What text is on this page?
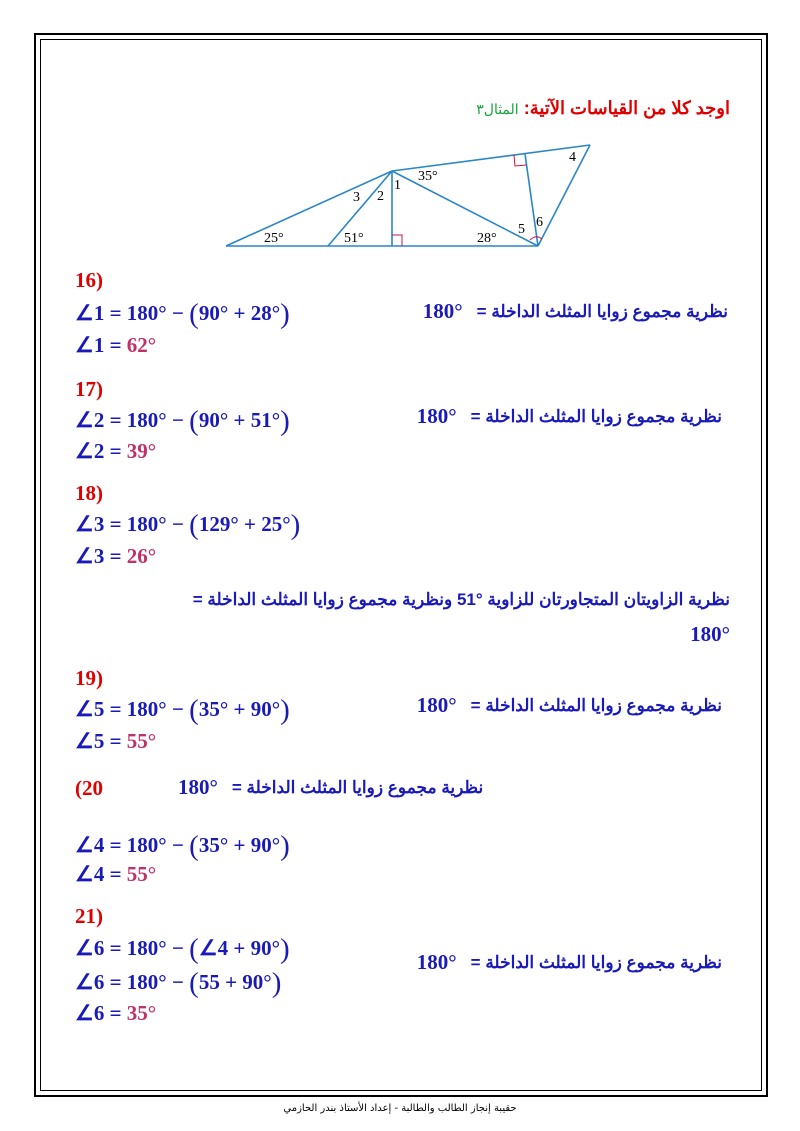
اوجد كلا من القياسات الآتية: المثال٣
25°	51°
3 2
1
35°
28°
4
5 6
16)
∠1 = 180° − (90° + 28°)
∠1 = 62°
180° نظرية مجموع زوايا المثلث الداخلة =
17)
∠2 = 180° − (90° + 51°)
∠2 = 39°
180° نظرية مجموع زوايا المثلث الداخلة =
18)
∠3 = 180° − (129° + 25°)
∠3 = 26°
نظرية الزاويتان المتجاورتان للزاوية °51 ونظرية مجموع زوايا المثلث الداخلة =
180°
19)
∠5 = 180° − (35° + 90°)
∠5 = 55°
180° نظرية مجموع زوايا المثلث الداخلة =
(20	180° نظرية مجموع زوايا المثلث الداخلة =
∠4 = 180° − (35° + 90°)
∠4 = 55°
21)
∠6 = 180° − (∠4 + 90°)
∠6 = 180° − (55 + 90°)
∠6 = 35°
180° نظرية مجموع زوايا المثلث الداخلة =
حقيبة إنجاز الطالب والطالبة - إعداد الأستاذ بندر الحازمي
